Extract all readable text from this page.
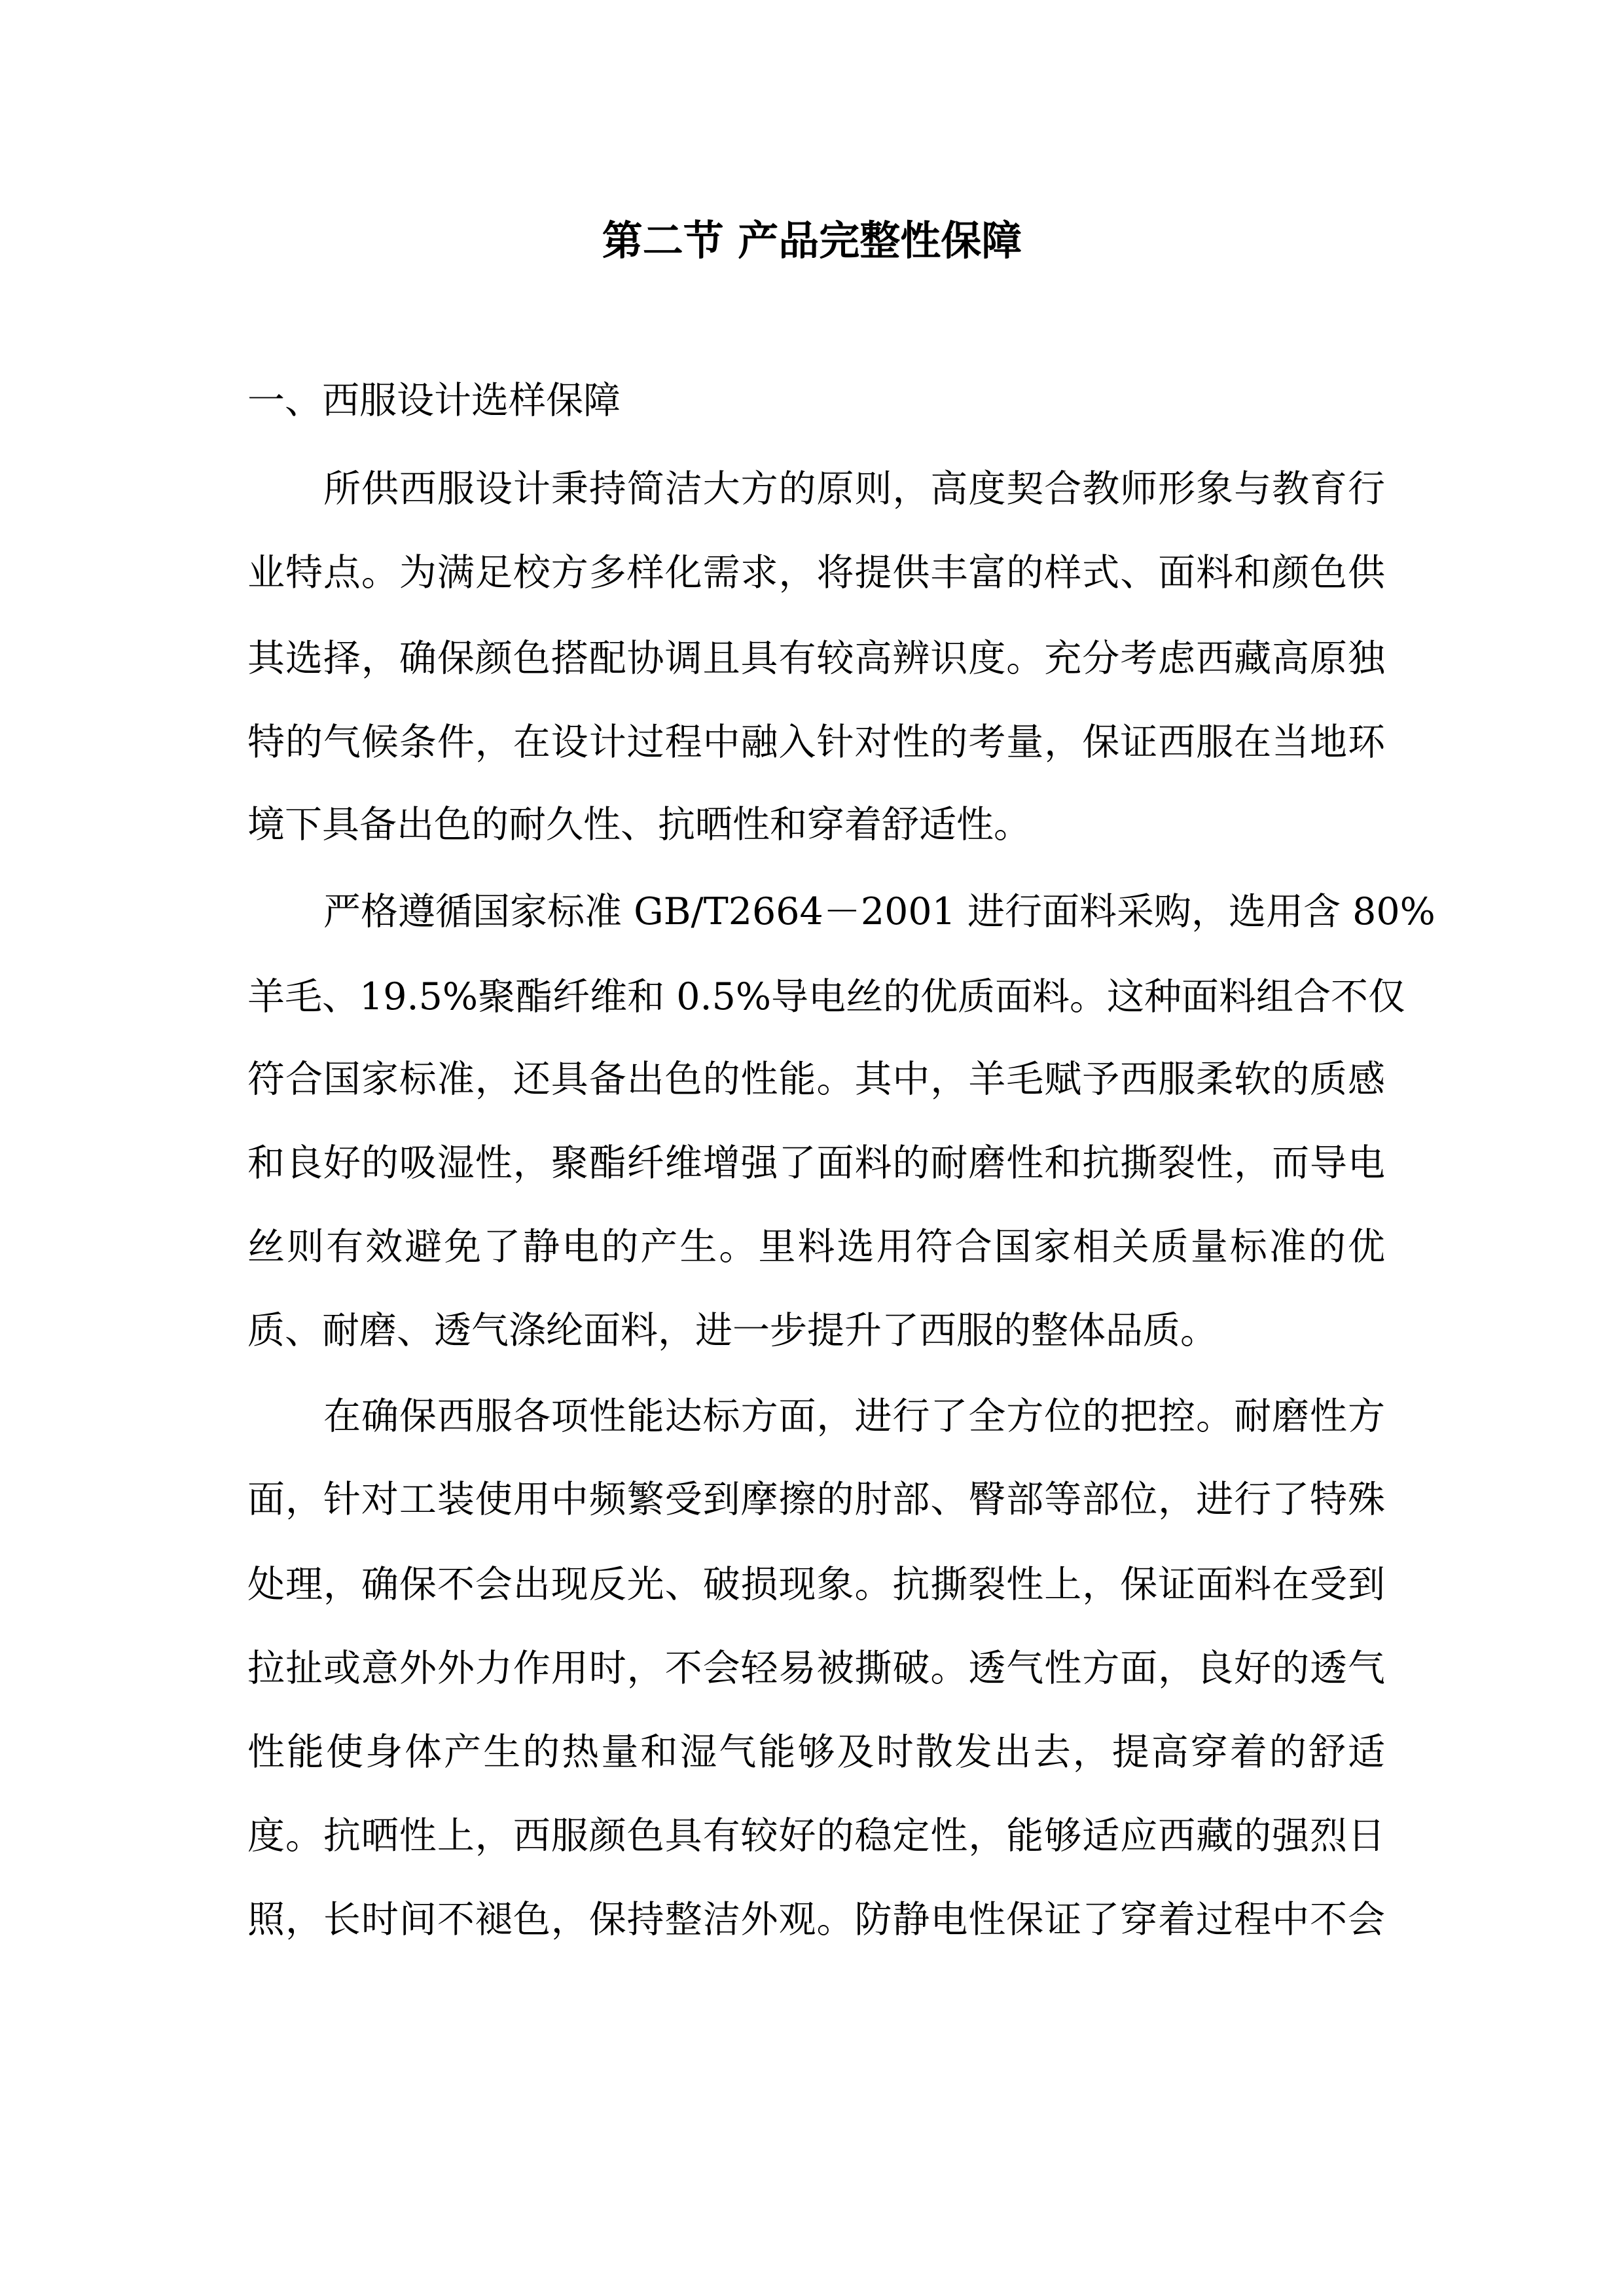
第二节 产品完整性保障
一、西服设计选样保障
所供西服设计秉持简洁大方的原则，高度契合教师形象与教育行
业特点。为满足校方多样化需求，将提供丰富的样式、面料和颜色供
其选择，确保颜色搭配协调且具有较高辨识度。充分考虑西藏高原独
特的气候条件，在设计过程中融入针对性的考量，保证西服在当地环
境下具备出色的耐久性、抗晒性和穿着舒适性。
严格遵循国家标准 GB/T2664－2001 进行面料采购，选用含 80%
羊毛、19.5%聚酯纤维和 0.5%导电丝的优质面料。这种面料组合不仅
符合国家标准，还具备出色的性能。其中，羊毛赋予西服柔软的质感
和良好的吸湿性，聚酯纤维增强了面料的耐磨性和抗撕裂性，而导电
丝则有效避免了静电的产生。里料选用符合国家相关质量标准的优
质、耐磨、透气涤纶面料，进一步提升了西服的整体品质。
在确保西服各项性能达标方面，进行了全方位的把控。耐磨性方
面，针对工装使用中频繁受到摩擦的肘部、臀部等部位，进行了特殊
处理，确保不会出现反光、破损现象。抗撕裂性上，保证面料在受到
拉扯或意外外力作用时，不会轻易被撕破。透气性方面，良好的透气
性能使身体产生的热量和湿气能够及时散发出去，提高穿着的舒适
度。抗晒性上，西服颜色具有较好的稳定性，能够适应西藏的强烈日
照，长时间不褪色，保持整洁外观。防静电性保证了穿着过程中不会
